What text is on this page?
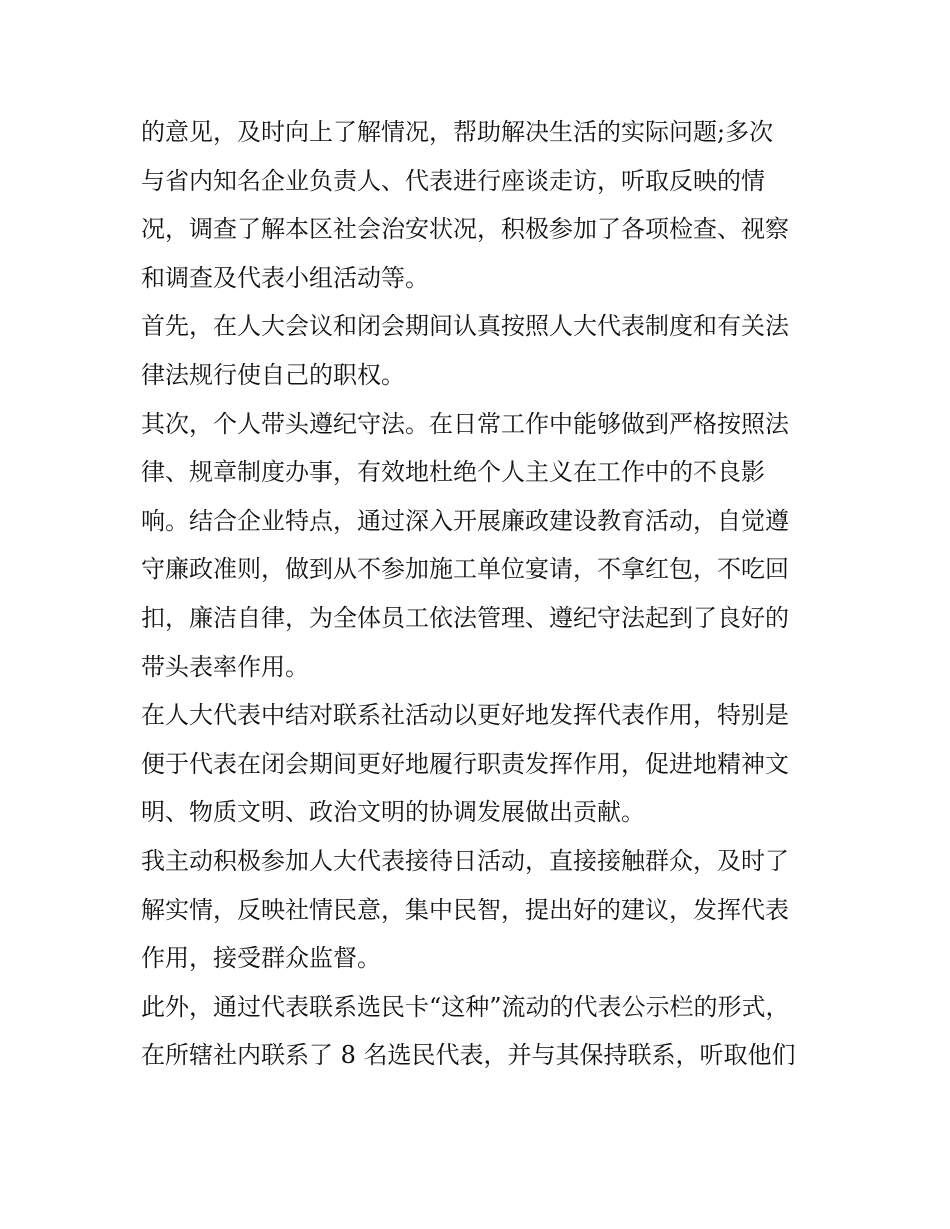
的意见，及时向上了解情况，帮助解决生活的实际问题;多次
与省内知名企业负责人、代表进行座谈走访，听取反映的情
况，调查了解本区社会治安状况，积极参加了各项检查、视察
和调查及代表小组活动等。
首先，在人大会议和闭会期间认真按照人大代表制度和有关法
律法规行使自己的职权。
其次，个人带头遵纪守法。在日常工作中能够做到严格按照法
律、规章制度办事，有效地杜绝个人主义在工作中的不良影
响。结合企业特点，通过深入开展廉政建设教育活动，自觉遵
守廉政准则，做到从不参加施工单位宴请，不拿红包，不吃回
扣，廉洁自律，为全体员工依法管理、遵纪守法起到了良好的
带头表率作用。
在人大代表中结对联系社活动以更好地发挥代表作用，特别是
便于代表在闭会期间更好地履行职责发挥作用，促进地精神文
明、物质文明、政治文明的协调发展做出贡献。
我主动积极参加人大代表接待日活动，直接接触群众，及时了
解实情，反映社情民意，集中民智，提出好的建议，发挥代表
作用，接受群众监督。
此外，通过代表联系选民卡“这种”流动的代表公示栏的形式，
在所辖社内联系了 8 名选民代表，并与其保持联系，听取他们
